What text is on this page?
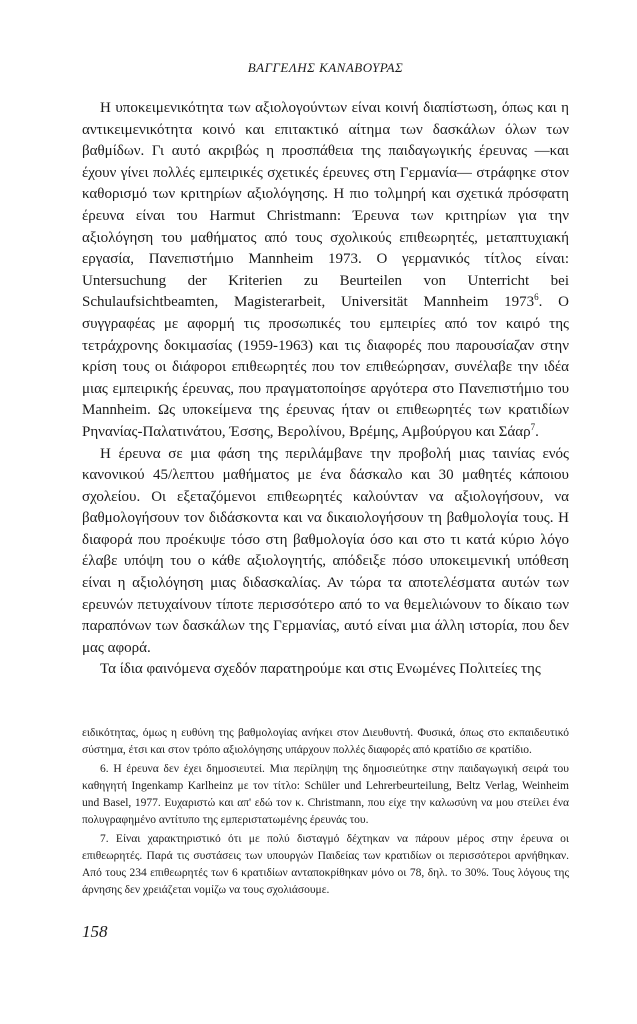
ΒΑΓΓΕΛΗΣ ΚΑΝΑΒΟΥΡΑΣ

Η υποκειμενικότητα των αξιολογούντων είναι κοινή διαπίστωση, όπως και η αντικειμενικότητα κοινό και επιτακτικό αίτημα των δασκάλων όλων των βαθμίδων. Γι αυτό ακριβώς η προσπάθεια της παιδαγωγικής έρευνας —και έχουν γίνει πολλές εμπειρικές σχετικές έρευνες στη Γερμανία— στράφηκε στον καθορισμό των κριτηρίων αξιολόγησης. Η πιο τολμηρή και σχετικά πρόσφατη έρευνα είναι του Harmut Christmann: Έρευνα των κριτηρίων για την αξιολόγηση του μαθήματος από τους σχολικούς επιθεωρητές, μεταπτυχιακή εργασία, Πανεπιστήμιο Mannheim 1973. Ο γερμανικός τίτλος είναι: Untersuchung der Kriterien zu Beurteilen von Unterricht bei Schulaufsichtbeamten, Magisterarbeit, Universität Mannheim 1973$^6$. Ο συγγραφέας με αφορμή τις προσωπικές του εμπειρίες από τον καιρό της τετράχρονης δοκιμασίας (1959-1963) και τις διαφορές που παρουσίαζαν στην κρίση τους οι διάφοροι επιθεωρητές που τον επιθεώρησαν, συνέλαβε την ιδέα μιας εμπειρικής έρευνας, που πραγματοποίησε αργότερα στο Πανεπιστήμιο του Mannheim. Ως υποκείμενα της έρευνας ήταν οι επιθεωρητές των κρατιδίων Ρηνανίας-Παλατινάτου, Έσσης, Βερολίνου, Βρέμης, Αμβούργου και Σάαρ$^7$.

Η έρευνα σε μια φάση της περιλάμβανε την προβολή μιας ταινίας ενός κανονικού 45/λεπτου μαθήματος με ένα δάσκαλο και 30 μαθητές κάποιου σχολείου. Οι εξεταζόμενοι επιθεωρητές καλούνταν να αξιολογήσουν, να βαθμολογήσουν τον διδάσκοντα και να δικαιολογήσουν τη βαθμολογία τους. Η διαφορά που προέκυψε τόσο στη βαθμολογία όσο και στο τι κατά κύριο λόγο έλαβε υπόψη του ο κάθε αξιολογητής, απόδειξε πόσο υποκειμενική υπόθεση είναι η αξιολόγηση μιας διδασκαλίας. Αν τώρα τα αποτελέσματα αυτών των ερευνών πετυχαίνουν τίποτε περισσότερο από το να θεμελιώνουν το δίκαιο των παραπόνων των δασκάλων της Γερμανίας, αυτό είναι μια άλλη ιστορία, που δεν μας αφορά.

Τα ίδια φαινόμενα σχεδόν παρατηρούμε και στις Ενωμένες Πολιτείες της

ειδικότητας, όμως η ευθύνη της βαθμολογίας ανήκει στον Διευθυντή. Φυσικά, όπως στο εκπαιδευτικό σύστημα, έτσι και στον τρόπο αξιολόγησης υπάρχουν πολλές διαφορές από κρατίδιο σε κρατίδιο.

6. Η έρευνα δεν έχει δημοσιευτεί. Μια περίληψη της δημοσιεύτηκε στην παιδαγωγική σειρά του καθηγητή Ingenkamp Karlheinz με τον τίτλο: Schüler und Lehrerbeurteilung, Beltz Verlag, Weinheim und Basel, 1977. Ευχαριστώ και απ' εδώ τον κ. Christmann, που είχε την καλωσύνη να μου στείλει ένα πολυγραφημένο αντίτυπο της εμπεριστατωμένης έρευνάς του.

7. Είναι χαρακτηριστικό ότι με πολύ δισταγμό δέχτηκαν να πάρουν μέρος στην έρευνα οι επιθεωρητές. Παρά τις συστάσεις των υπουργών Παιδείας των κρατιδίων οι περισσότεροι αρνήθηκαν. Από τους 234 επιθεωρητές των 6 κρατιδίων ανταποκρίθηκαν μόνο οι 78, δηλ. το 30%. Τους λόγους της άρνησης δεν χρειάζεται νομίζω να τους σχολιάσουμε.

158
